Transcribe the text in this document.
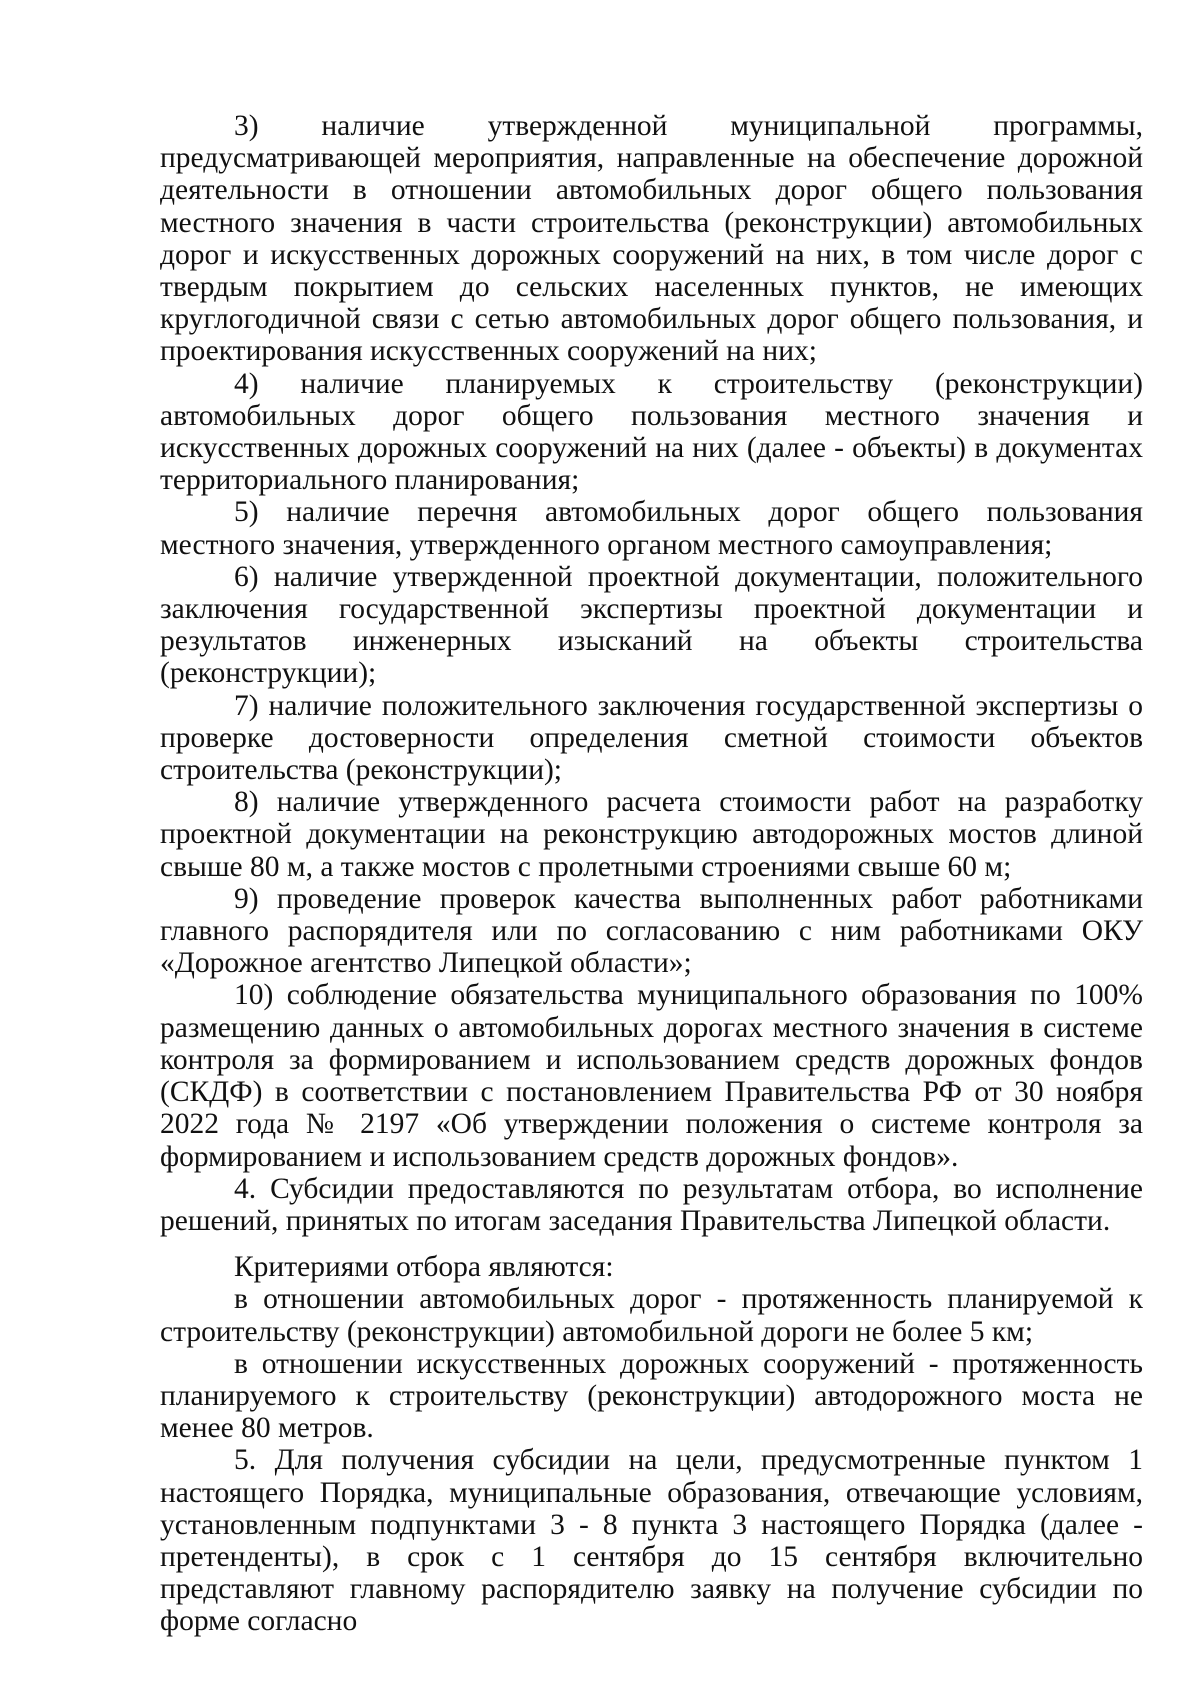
3)     наличие     утвержденной     муниципальной     программы, предусматривающей мероприятия, направленные на обеспечение дорожной деятельности в отношении автомобильных дорог общего пользования местного значения в части строительства (реконструкции) автомобильных дорог и искусственных дорожных сооружений на них, в том числе дорог с твердым покрытием до сельских населенных пунктов, не имеющих круглогодичной связи с сетью автомобильных дорог общего пользования, и проектирования искусственных сооружений на них;

4) наличие планируемых к строительству (реконструкции) автомобильных дорог общего пользования местного значения и искусственных дорожных сооружений на них (далее - объекты) в документах территориального планирования;

5) наличие перечня автомобильных дорог общего пользования местного значения, утвержденного органом местного самоуправления;

6) наличие утвержденной проектной документации, положительного заключения государственной экспертизы проектной документации и результатов инженерных изысканий на объекты строительства (реконструкции);

7) наличие положительного заключения государственной экспертизы о проверке достоверности определения сметной стоимости объектов строительства (реконструкции);

8) наличие утвержденного расчета стоимости работ на разработку проектной документации на реконструкцию автодорожных мостов длиной свыше 80 м, а также мостов с пролетными строениями свыше 60 м;

9) проведение проверок качества выполненных работ работниками главного распорядителя или по согласованию с ним работниками ОКУ «Дорожное агентство Липецкой области»;

10) соблюдение обязательства муниципального образования по 100% размещению данных о автомобильных дорогах местного значения в системе контроля за формированием и использованием средств дорожных фондов (СКДФ) в соответствии с постановлением Правительства РФ от 30 ноября 2022 года № 2197 «Об утверждении положения о системе контроля за формированием и использованием средств дорожных фондов».

4. Субсидии предоставляются по результатам отбора, во исполнение решений, принятых по итогам заседания Правительства Липецкой области.

Критериями отбора являются:

в отношении автомобильных дорог - протяженность планируемой к строительству (реконструкции) автомобильной дороги не более 5 км;

в отношении искусственных дорожных сооружений - протяженность планируемого к строительству (реконструкции) автодорожного моста не менее 80 метров.

5. Для получения субсидии на цели, предусмотренные пунктом 1 настоящего Порядка, муниципальные образования, отвечающие условиям, установленным подпунктами 3 - 8 пункта 3 настоящего Порядка (далее - претенденты), в срок с 1 сентября до 15 сентября включительно представляют главному распорядителю заявку на получение субсидии по форме согласно
